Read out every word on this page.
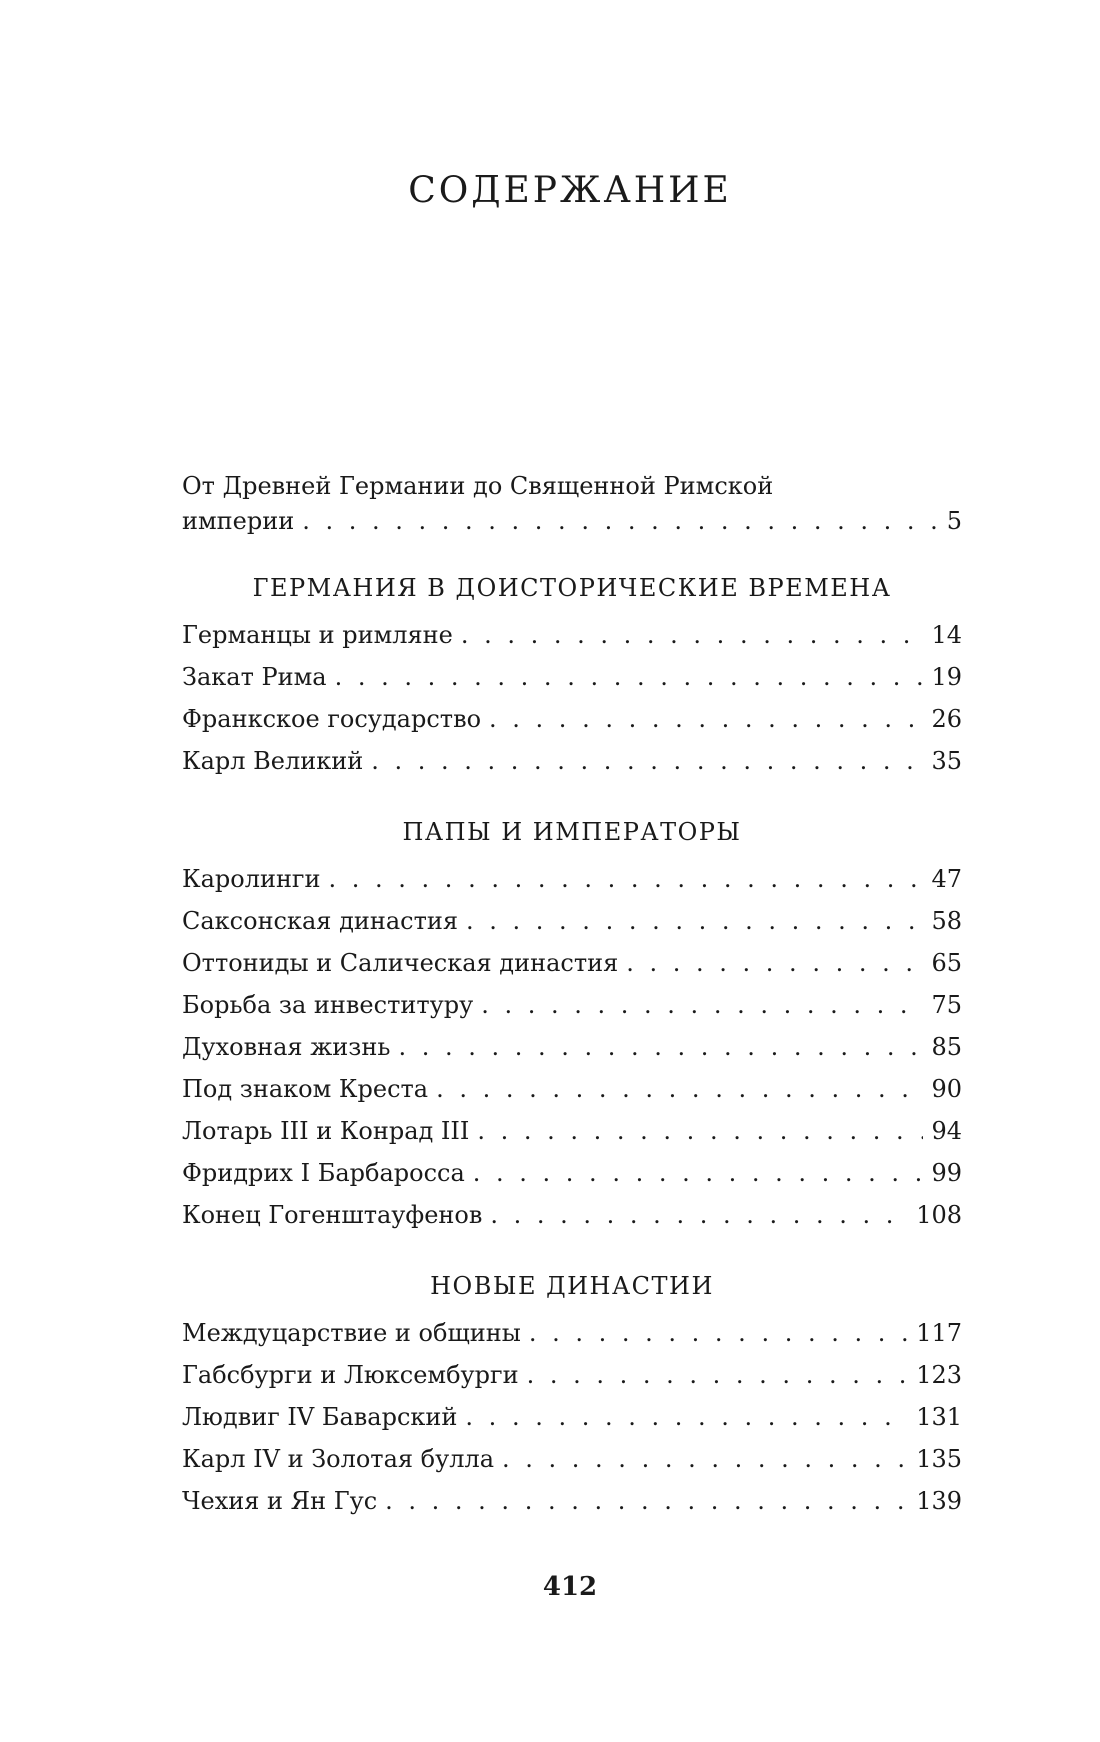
СОДЕРЖАНИЕ
От Древней Германии до Священной Римской
империи . . .	5
ГЕРМАНИЯ В ДОИСТОРИЧЕСКИЕ ВРЕМЕНА
Германцы и римляне . . .	14
Закат Рима . . .	19
Франкское государство . . .	26
Карл Великий . . .	35
ПАПЫ И ИМПЕРАТОРЫ
Каролинги . . .	47
Саксонская династия . . .	58
Оттониды и Салическая династия . . .	65
Борьба за инвеституру . . .	75
Духовная жизнь . . .	85
Под знаком Креста . . .	90
Лотарь III и Конрад III . . .	94
Фридрих I Барбаросса . . .	99
Конец Гогенштауфенов . . .	108
НОВЫЕ ДИНАСТИИ
Междуцарствие и общины . . .	117
Габсбурги и Люксембурги . . .	123
Людвиг IV Баварский . . .	131
Карл IV и Золотая булла . . .	135
Чехия и Ян Гус . . .	139
412
